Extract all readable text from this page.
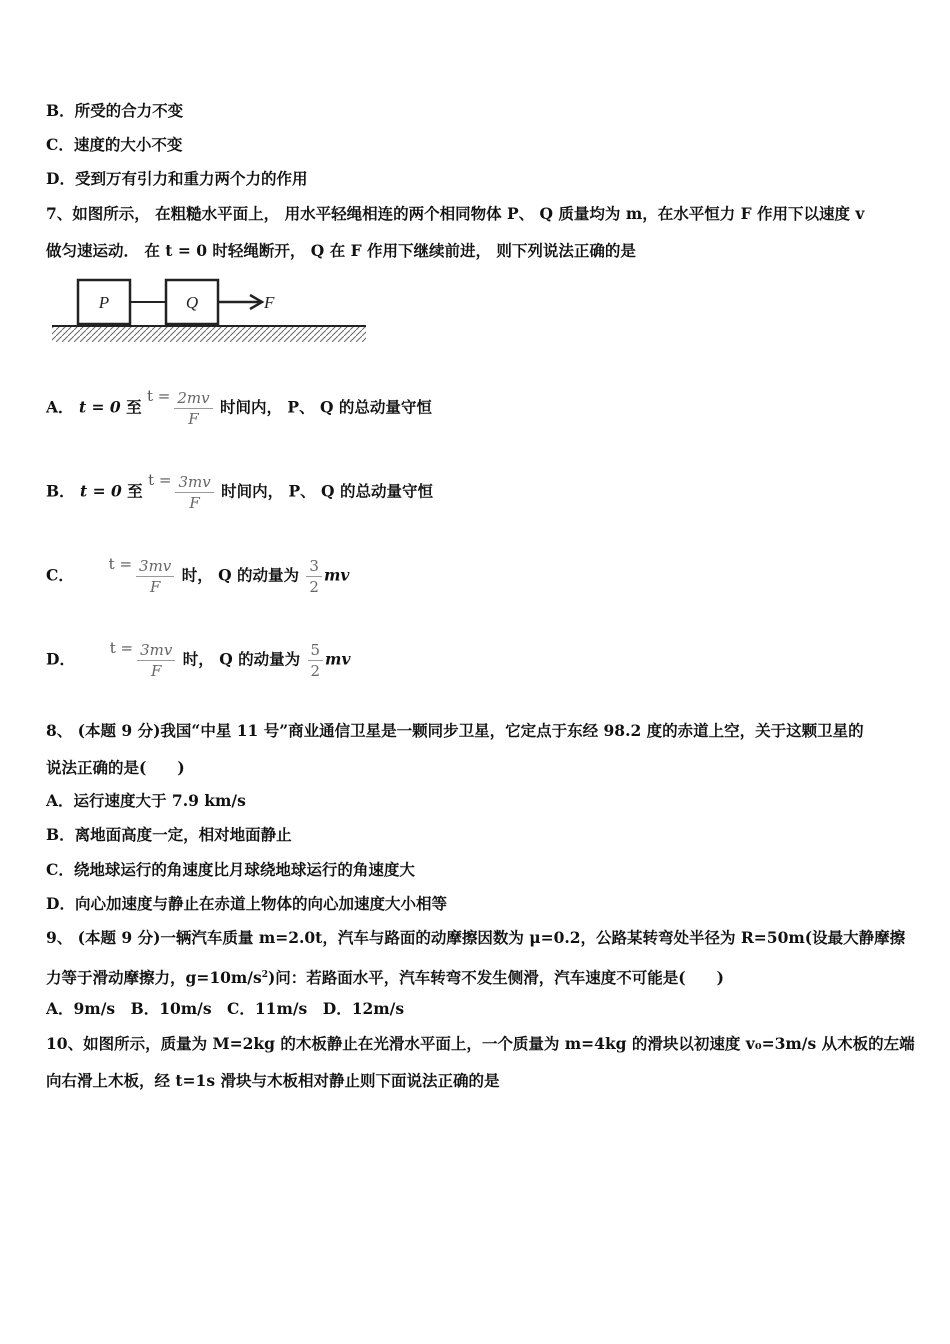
B．所受的合力不变
C．速度的大小不变
D．受到万有引力和重力两个力的作用
7、如图所示， 在粗糙水平面上， 用水平轻绳相连的两个相同物体 P、 Q 质量均为 m，在水平恒力 F 作用下以速度 v
做匀速运动． 在 t = 0 时轻绳断开， Q 在 F 作用下继续前进， 则下列说法正确的是
P	Q	F
A． t = 0 至 $t = \frac{2mv}{F}$ 时间内， P、 Q 的总动量守恒
B． t = 0 至 $t = \frac{3mv}{F}$ 时间内， P、 Q 的总动量守恒
C．  $t = \frac{3mv}{F}$ 时， Q 的动量为 $\frac{3}{2}$ mv
D．  $t = \frac{3mv}{F}$ 时， Q 的动量为 $\frac{5}{2}$ mv
8、 (本题 9 分)我国“中星 11 号”商业通信卫星是一颗同步卫星，它定点于东经 98.2 度的赤道上空，关于这颗卫星的
说法正确的是(　　)
A．运行速度大于 7.9 km/s
B．离地面高度一定，相对地面静止
C．绕地球运行的角速度比月球绕地球运行的角速度大
D．向心加速度与静止在赤道上物体的向心加速度大小相等
9、 (本题 9 分)一辆汽车质量 m=2.0t，汽车与路面的动摩擦因数为 μ=0.2，公路某转弯处半径为 R=50m(设最大静摩擦
力等于滑动摩擦力，$g=10m/s^2$)问：若路面水平，汽车转弯不发生侧滑，汽车速度不可能是(　　)
A．9m/s　B．10m/s　C．11m/s　D．12m/s
10、如图所示，质量为 M=2kg 的木板静止在光滑水平面上，一个质量为 m=4kg 的滑块以初速度 v₀=3m/s 从木板的左端
向右滑上木板，经 t=1s 滑块与木板相对静止则下面说法正确的是
